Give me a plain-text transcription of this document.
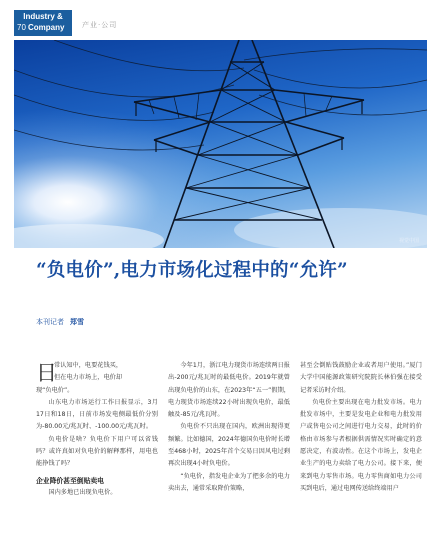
Industry &
70 Company	产业·公司
视觉中国
“负电价”,电力市场化过程中的“允许”
本刊记者 郑雪
日

常认知中，电要花钱买，

但在电力市场上，电价却

现“负电价”。

山东电力市场运行工作日报显示，3月17日和18日，日前市场发电侧最低价分别为-80.00元/兆瓦时、-100.00元/兆瓦时。

负电价是啥？负电价下用户可以省钱吗？或许真如对负电价的解释那样，用电也能挣钱了吗？

企业降价甚至倒贴卖电

国内多地已出现负电价。

今年1月，浙江电力现货市场连续两日报出-200元/兆瓦时的最低电价。2019年就曾出现负电价的山东，在2023年“五一”假期，电力现货市场连续22小时出现负电价，最低触及-85元/兆瓦时。

负电价不只出现在国内，欧洲出现得更频繁。比如德国，2024年德国负电价时长增至468小时，2025年首个交易日因风电过剩再次出现4小时负电价。

“负电价，指发电企业为了把多余的电力卖出去，通常采取降价策略，

甚至会倒贴钱鼓励企业或者用户使用。”厦门大学中国能源政策研究院院长林伯强在接受记者采访时介绍。

负电价主要出现在电力批发市场。电力批发市场中，主要是发电企业和电力批发用户或售电公司之间进行电力交易，此时的价格由市场参与者根据供需情况实时确定的意愿决定，有波动性。在这个市场上，发电企业生产的电力卖给了电力公司。接下来，便来到电力零售市场。电力零售商如电力公司买到电后，通过电网传送给终端用户
